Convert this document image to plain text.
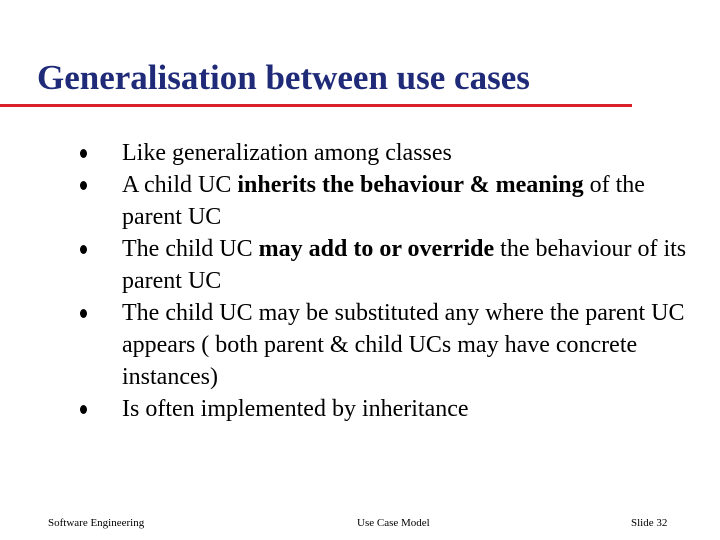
Generalisation between use cases
Like generalization among classes
A child UC inherits the behaviour & meaning of the parent UC
The child UC may add to or override the behaviour of its parent UC
The child UC may be substituted any where the parent UC appears ( both parent & child UCs may have concrete instances)
Is often implemented by inheritance
Software Engineering	Use Case Model	Slide 32
